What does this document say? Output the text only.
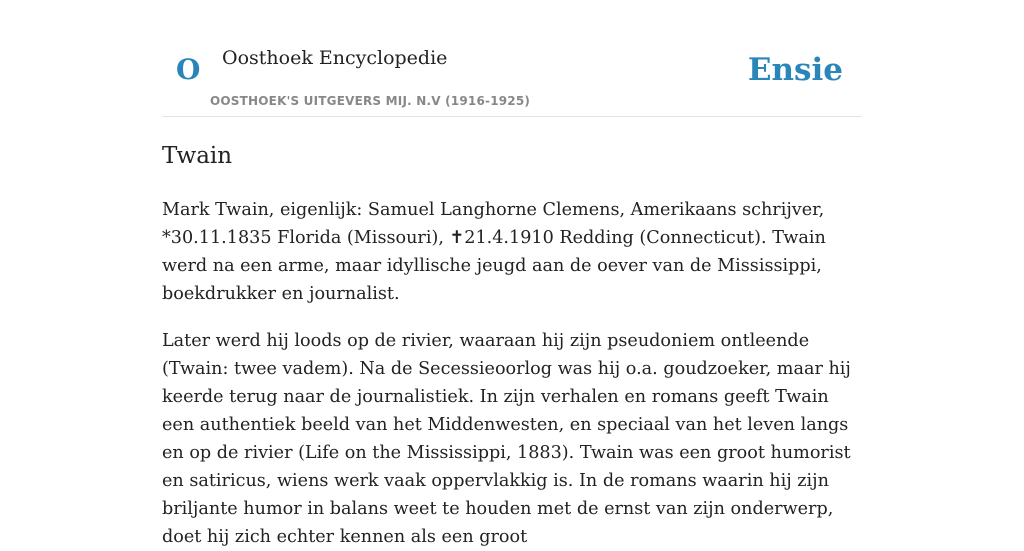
O Oosthoek Encyclopedie
OOSTHOEK'S UITGEVERS MIJ. N.V (1916-1925)
Ensie
Twain

Mark Twain, eigenlijk: Samuel Langhorne Clemens, Amerikaans schrijver, *30.11.1835 Florida (Missouri), ✝21.4.1910 Redding (Connecticut). Twain werd na een arme, maar idyllische jeugd aan de oever van de Mississippi, boekdrukker en journalist.

Later werd hij loods op de rivier, waaraan hij zijn pseudoniem ontleende (Twain: twee vadem). Na de Secessieoorlog was hij o.a. goudzoeker, maar hij keerde terug naar de journalistiek. In zijn verhalen en romans geeft Twain een authentiek beeld van het Middenwesten, en speciaal van het leven langs en op de rivier (Life on the Mississippi, 1883). Twain was een groot humorist en satiricus, wiens werk vaak oppervlakkig is. In de romans waarin hij zijn briljante humor in balans weet te houden met de ernst van zijn onderwerp, doet hij zich echter kennen als een groot
